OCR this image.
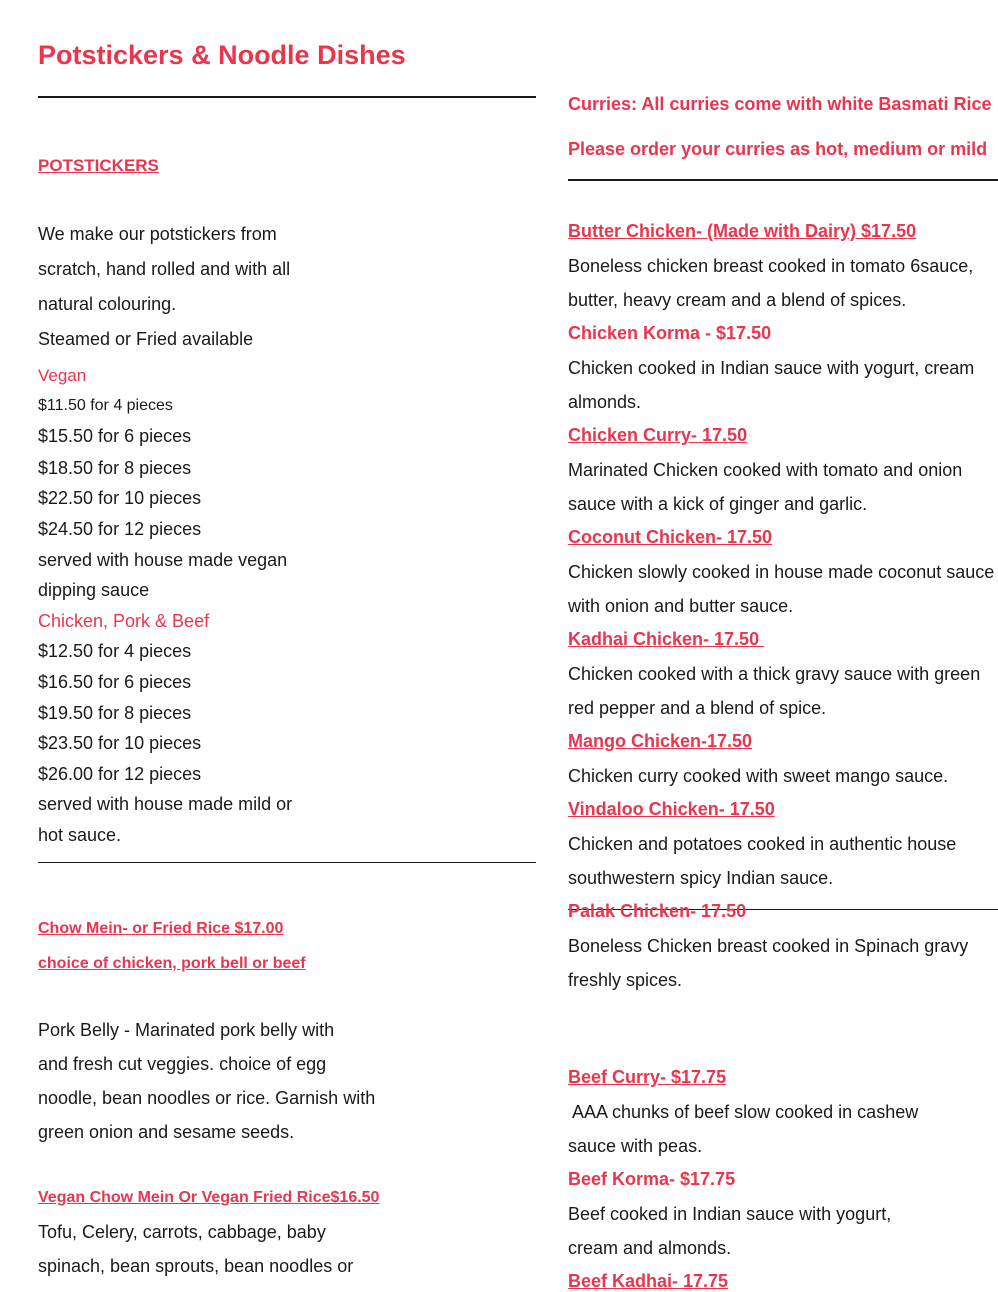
Potstickers & Noodle Dishes
POTSTICKERS
We make our potstickers from
scratch, hand rolled and with all
natural colouring.
Steamed or Fried available
Vegan
$11.50 for 4 pieces
$15.50 for 6 pieces
$18.50 for 8 pieces
$22.50 for 10 pieces
$24.50 for 12 pieces
served with house made vegan
dipping sauce
Chicken, Pork & Beef
$12.50 for 4 pieces
$16.50 for 6 pieces
$19.50 for 8 pieces
$23.50 for 10 pieces
$26.00 for 12 pieces
served with house made mild or
hot sauce.
Chow Mein- or Fried Rice $17.00
choice of chicken, pork bell or beef
Pork Belly - Marinated pork belly with
and fresh cut veggies. choice of egg
noodle, bean noodles or rice. Garnish with
green onion and sesame seeds.
Vegan Chow Mein Or Vegan Fried Rice$16.50
Tofu, Celery, carrots, cabbage, baby
spinach, bean sprouts, bean noodles or
Curries: All curries come with white Basmati Rice
Please order your curries as hot, medium or mild
Butter Chicken- (Made with Dairy) $17.50
Boneless chicken breast cooked in tomato 6sauce,
butter, heavy cream and a blend of spices.
Chicken Korma - $17.50
Chicken cooked in Indian sauce with yogurt, cream
almonds.
Chicken Curry- 17.50
Marinated Chicken cooked with tomato and onion
sauce with a kick of ginger and garlic.
Coconut Chicken- 17.50
Chicken slowly cooked in house made coconut sauce
with onion and butter sauce.
Kadhai Chicken- 17.50
Chicken cooked with a thick gravy sauce with green
red pepper and a blend of spice.
Mango Chicken-17.50
Chicken curry cooked with sweet mango sauce.
Vindaloo Chicken- 17.50
Chicken and potatoes cooked in authentic house
southwestern spicy Indian sauce.
Palak Chicken- 17.50
Boneless Chicken breast cooked in Spinach gravy
freshly spices.
Beef Curry- $17.75
AAA chunks of beef slow cooked in cashew
sauce with peas.
Beef Korma- $17.75
Beef cooked in Indian sauce with yogurt,
cream and almonds.
Beef Kadhai- 17.75
